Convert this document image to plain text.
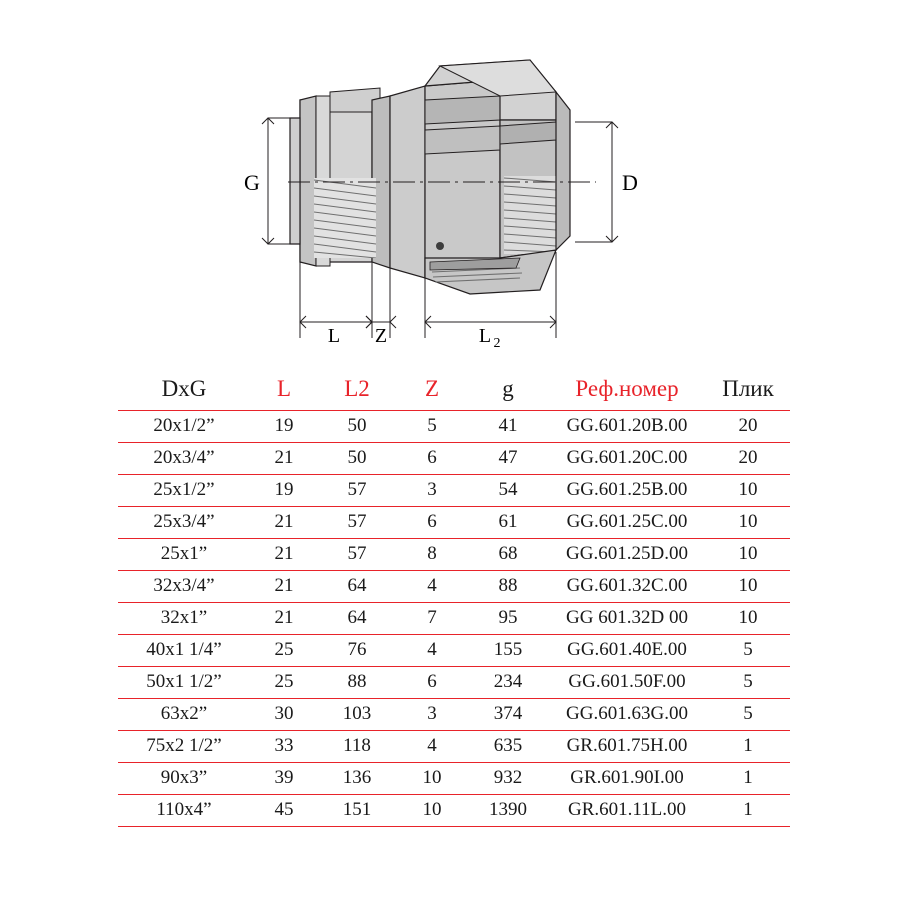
G	D
L Z	L 2
DxG	L	L2	Z	g	Реф.номер	Плик
20x1/2”	19	50	5	41	GG.601.20B.00	20
20x3/4”	21	50	6	47	GG.601.20C.00	20
25x1/2”	19	57	3	54	GG.601.25B.00	10
25x3/4”	21	57	6	61	GG.601.25C.00	10
25x1”	21	57	8	68	GG.601.25D.00	10
32x3/4”	21	64	4	88	GG.601.32C.00	10
32x1”	21	64	7	95	GG 601.32D 00	10
40x1 1/4”	25	76	4	155	GG.601.40E.00	5
50x1 1/2”	25	88	6	234	GG.601.50F.00	5
63x2”	30	103	3	374	GG.601.63G.00	5
75x2 1/2”	33	118	4	635	GR.601.75H.00	1
90x3”	39	136	10	932	GR.601.90I.00	1
110x4”	45	151	10	1390	GR.601.11L.00	1
